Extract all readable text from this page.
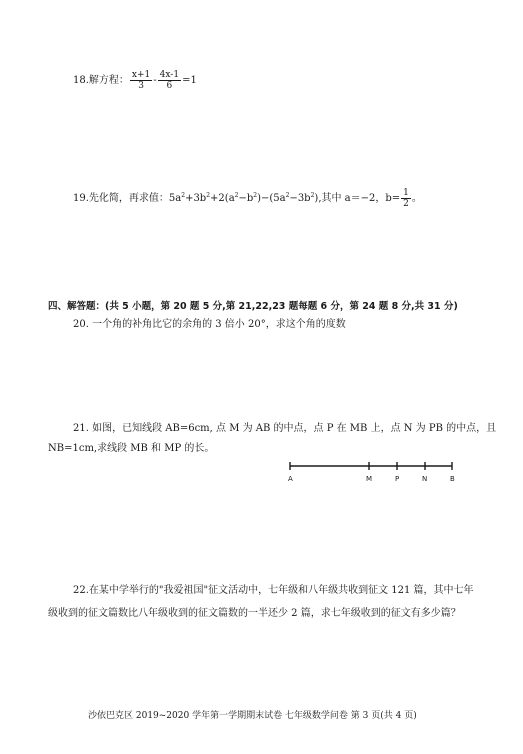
18.解方程： $\frac{x+1}{3} - \frac{4x-1}{6} =1$
19.先化简，再求值：$5a^2+3b^2+2(a^2-b^2)-(5a^2-3b^2)$,其中 a＝−2，$b= \frac{1}{2}$ 。
四、解答题：(共 5 小题，第 20 题 5 分,第 21,22,23 题每题 6 分，第 24 题 8 分,共 31 分)
20. 一个角的补角比它的余角的 3 倍小 20°，求这个角的度数
21. 如图，已知线段 AB=6cm, 点 M 为 AB 的中点，点 P 在 MB 上，点 N 为 PB 的中点，且
NB=1cm,求线段 MB 和 MP 的长。
A	M	P	N	B
22.在某中学举行的"我爱祖国"征文活动中，七年级和八年级共收到征文 121 篇，其中七年
级收到的征文篇数比八年级收到的征文篇数的一半还少 2 篇，求七年级收到的征文有多少篇？
沙依巴克区 2019~2020 学年第一学期期末试卷 七年级数学问卷 第 3 页(共 4 页)
